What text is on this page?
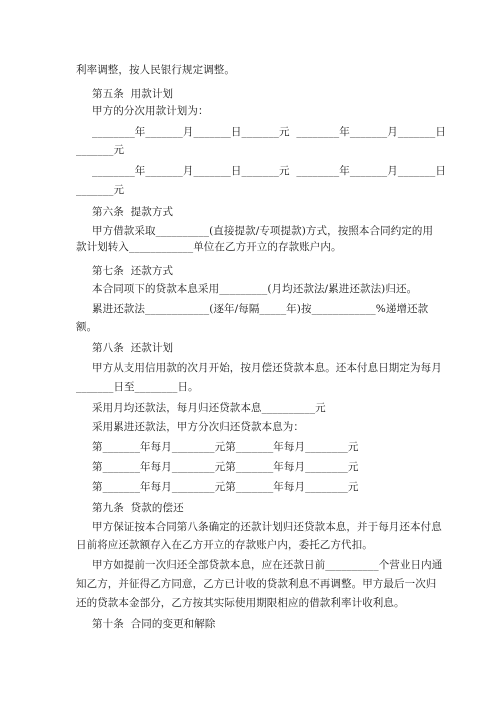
利率调整，按人民银行规定调整。
第五条  用款计划
甲方的分次用款计划为：
________年_______月_______日_______元  ________年_______月_______日
_______元
________年_______月_______日_______元  ________年_______月_______日
_______元
第六条  提款方式
甲方借款采取__________(直接提款/专项提款)方式，按照本合同约定的用
款计划转入____________单位在乙方开立的存款账户内。
第七条  还款方式
本合同项下的贷款本息采用_________(月均还款法/累进还款法)归还。
累进还款法____________(逐年/每隔_____年)按____________%递增还款
额。
第八条  还款计划
甲方从支用信用款的次月开始，按月偿还贷款本息。还本付息日期定为每月
_______日至________日。
采用月均还款法，每月归还贷款本息__________元
采用累进还款法，甲方分次归还贷款本息为：
第_______年每月________元第_______年每月________元
第_______年每月________元第_______年每月________元
第_______年每月________元第_______年每月________元
第九条  贷款的偿还
甲方保证按本合同第八条确定的还款计划归还贷款本息，并于每月还本付息
日前将应还款额存入在乙方开立的存款账户内，委托乙方代扣。
甲方如提前一次归还全部贷款本息，应在还款日前__________个营业日内通
知乙方，并征得乙方同意，乙方已计收的贷款利息不再调整。甲方最后一次归
还的贷款本金部分，乙方按其实际使用期限相应的借款利率计收利息。
第十条  合同的变更和解除
